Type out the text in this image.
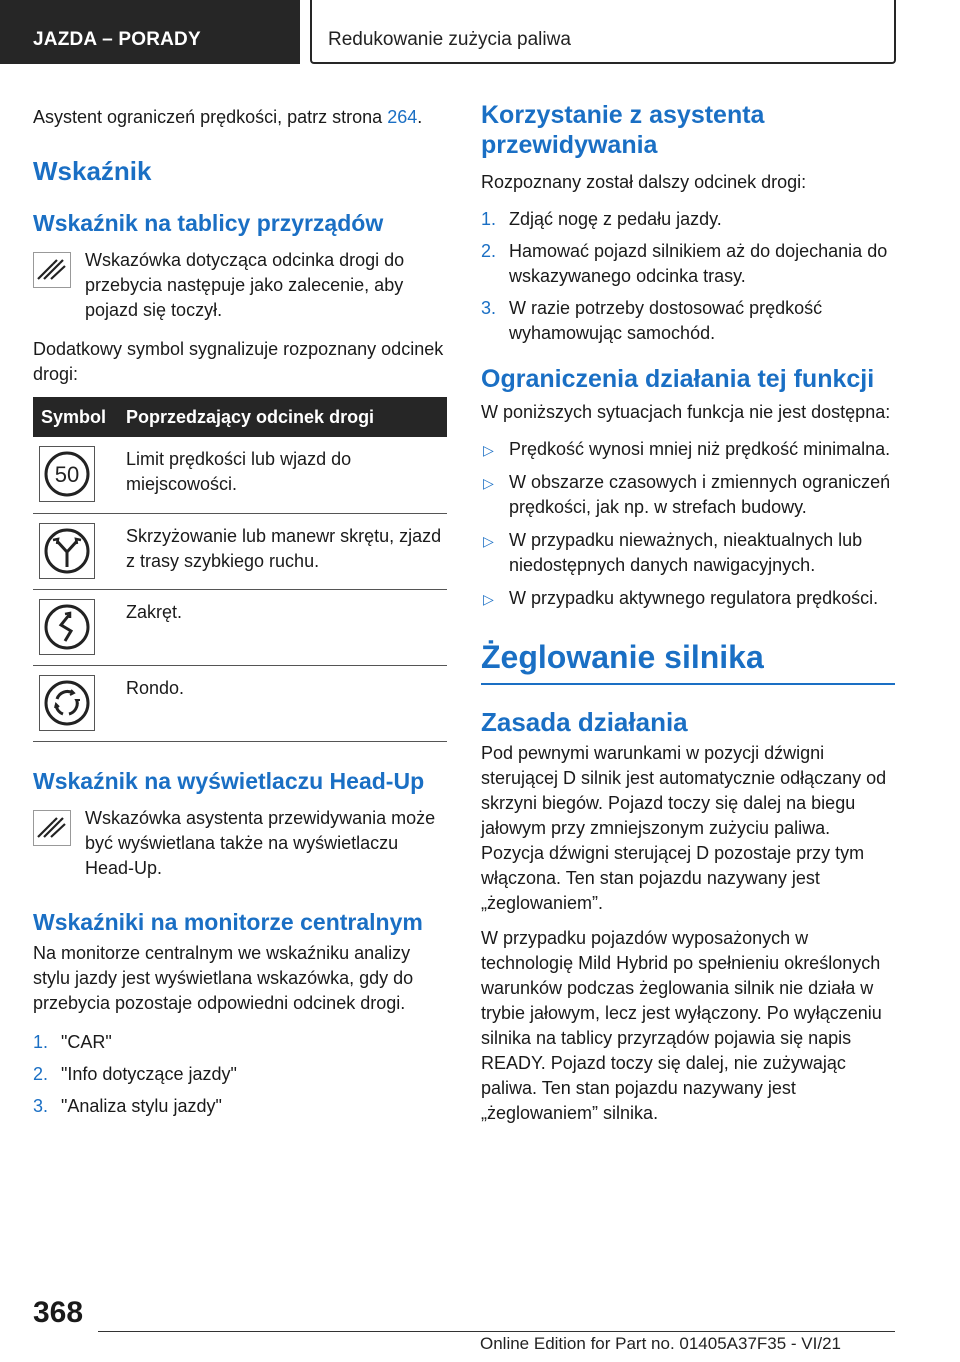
JAZDA – PORADY	Redukowanie zużycia paliwa

Asystent ograniczeń prędkości, patrz strona 264.

Wskaźnik
Wskaźnik na tablicy przyrządów

Wskazówka dotycząca odcinka drogi do przebycia następuje jako zalecenie, aby pojazd się toczył.

Dodatkowy symbol sygnalizuje rozpoznany odcinek drogi:

Symbol	Poprzedzający odcinek drogi

50	Limit prędkości lub wjazd do miejscowości.

	Skrzyżowanie lub manewr skrętu, zjazd z trasy szybkiego ruchu.

	Zakręt.

	Rondo.
Wskaźnik na wyświetlaczu Head-Up

Wskazówka asystenta przewidywania może być wyświetlana także na wyświetlaczu Head-Up.

Wskaźniki na monitorze centralnym

Na monitorze centralnym we wskaźniku analizy stylu jazdy jest wyświetlana wskazówka, gdy do przebycia pozostaje odpowiedni odcinek drogi.

1. "CAR"
2. "Info dotyczące jazdy"
3. "Analiza stylu jazdy"
Korzystanie z asystenta przewidywania

Rozpoznany został dalszy odcinek drogi:

1. Zdjąć nogę z pedału jazdy.
2. Hamować pojazd silnikiem aż do dojechania do wskazywanego odcinka trasy.
3. W razie potrzeby dostosować prędkość wyhamowując samochód.
Ograniczenia działania tej funkcji

W poniższych sytuacjach funkcja nie jest dostępna:

▷ Prędkość wynosi mniej niż prędkość minimalna.
▷ W obszarze czasowych i zmiennych ograniczeń prędkości, jak np. w strefach budowy.
▷ W przypadku nieważnych, nieaktualnych lub niedostępnych danych nawigacyjnych.
▷ W przypadku aktywnego regulatora prędkości.
Żeglowanie silnika
Zasada działania

Pod pewnymi warunkami w pozycji dźwigni sterującej D silnik jest automatycznie odłączany od skrzyni biegów. Pojazd toczy się dalej na biegu jałowym przy zmniejszonym zużyciu paliwa. Pozycja dźwigni sterującej D pozostaje przy tym włączona. Ten stan pojazdu nazywany jest „żeglowaniem”.

W przypadku pojazdów wyposażonych w technologię Mild Hybrid po spełnieniu określonych warunków podczas żeglowania silnik nie działa w trybie jałowym, lecz jest wyłączony. Po wyłączeniu silnika na tablicy przyrządów pojawia się napis READY. Pojazd toczy się dalej, nie zużywając paliwa. Ten stan pojazdu nazywany jest „żeglowaniem” silnika.

368
Online Edition for Part no. 01405A37F35 - VI/21
